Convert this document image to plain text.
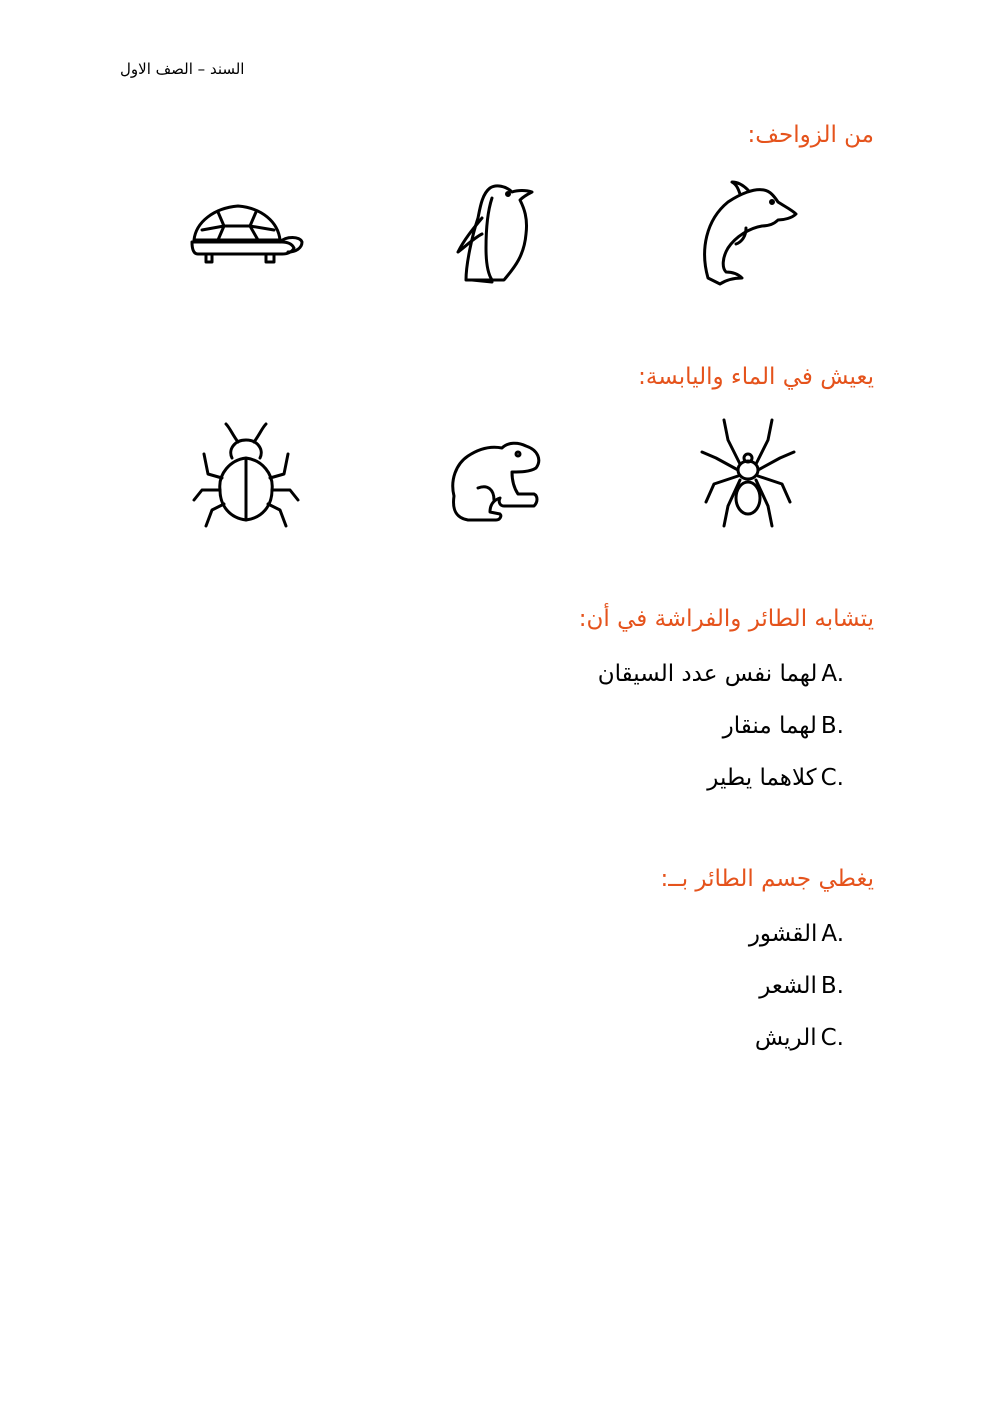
السند – الصف الاول
من الزواحف:
يعيش في الماء واليابسة:
يتشابه الطائر والفراشة في أن:
A.
لهما نفس عدد السيقان
B.
لهما منقار
C.
كلاهما يطير
يغطي جسم الطائر بــ:
A.
القشور
B.
الشعر
C.
الريش
